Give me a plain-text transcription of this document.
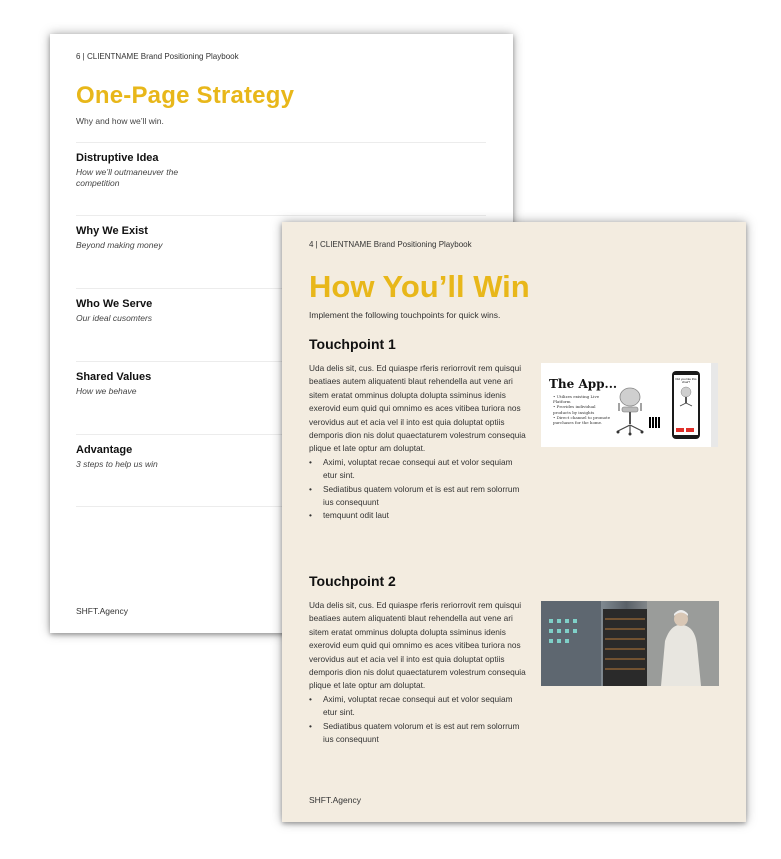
6 | CLIENTNAME Brand Positioning Playbook
One-Page Strategy
Why and how we’ll win.
Distruptive Idea
How we’ll outmaneuver the competition
Why We Exist
Beyond making money
Who We Serve
Our ideal cusomters
Shared Values
How we behave
Advantage
3 steps to help us win
SHFT.Agency
4 | CLIENTNAME Brand Positioning Playbook
How You’ll Win
Implement the following touchpoints for quick wins.
Touchpoint 1

Uda delis sit, cus. Ed quiaspe rferis reriorrovit rem quisqui beatiaes autem aliquatenti blaut rehendella aut vene ari sitem eratat omminus dolupta dolupta ssiminus idenis exerovid eum quid qui omnimo es aces vitibea turiora nos verovidus aut et acia vel il into est quia doluptat optiis demporis dion nis dolut quaectaturem volestrum consequia plique et late optur am doluptat.

• Aximi, voluptat recae consequi aut et volor sequiam etur sint.
• Sediatibus quatem volorum et is est aut rem solorrum ius consequunt
• temquunt odit laut
The App...
• Utilizes existing Live Platform
• Provides individual products by insights
• Direct channel to promote purchases for the home.
Did you like this chair?
Touchpoint 2

Uda delis sit, cus. Ed quiaspe rferis reriorrovit rem quisqui beatiaes autem aliquatenti blaut rehendella aut vene ari sitem eratat omminus dolupta dolupta ssiminus idenis exerovid eum quid qui omnimo es aces vitibea turiora nos verovidus aut et acia vel il into est quia doluptat optiis demporis dion nis dolut quaectaturem volestrum consequia plique et late optur am doluptat.

• Aximi, voluptat recae consequi aut et volor sequiam etur sint.
• Sediatibus quatem volorum et is est aut rem solorrum ius consequunt
SHFT.Agency
